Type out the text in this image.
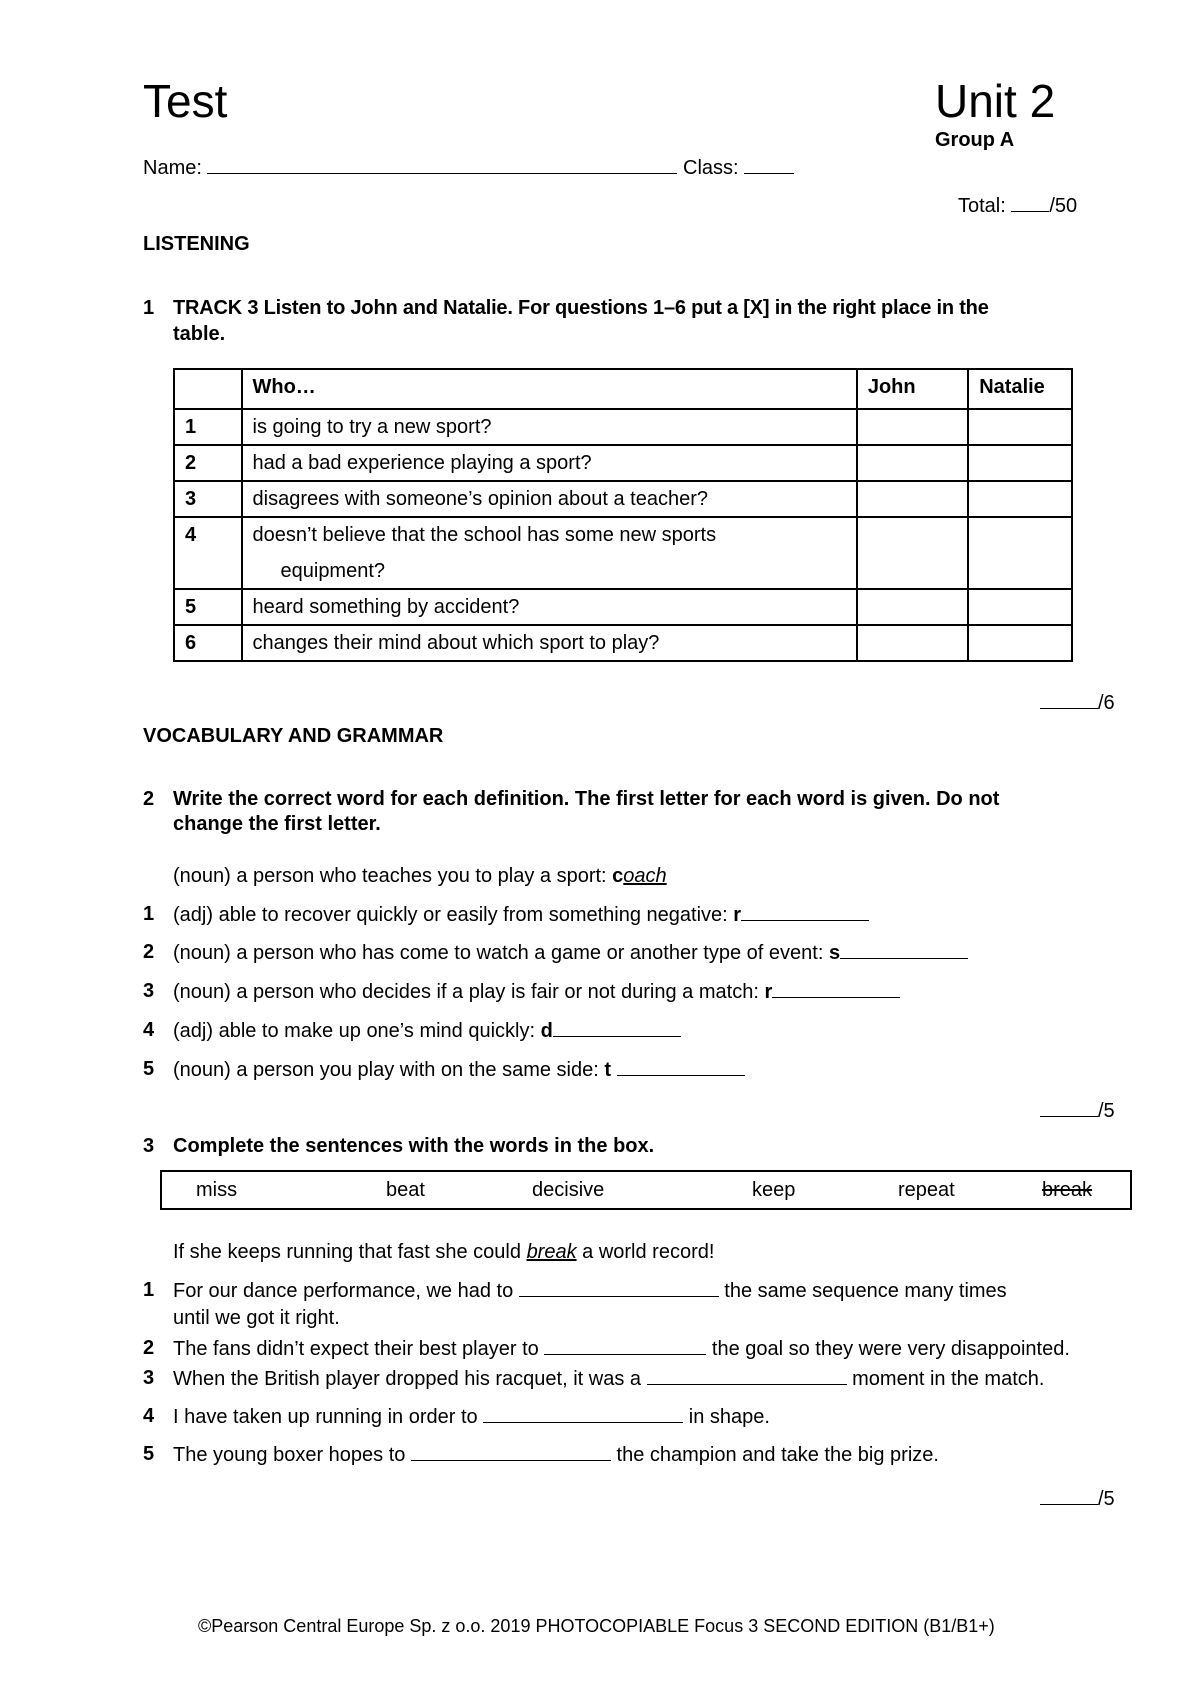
Test	Unit 2
Group A
Name:	Class:
Total: /50
LISTENING
1 TRACK 3 Listen to John and Natalie. For questions 1–6 put a [X] in the right place in the
table.
	Who…	John	Natalie
1	is going to try a new sport?		
2	had a bad experience playing a sport?		
3	disagrees with someone’s opinion about a teacher?		
4	doesn’t believe that the school has some new sports
equipment?		

5	heard something by accident?		
6	changes their mind about which sport to play?		
/6
VOCABULARY AND GRAMMAR
2 Write the correct word for each definition. The first letter for each word is given. Do not
change the first letter.
(noun) a person who teaches you to play a sport: coach
1 (adj) able to recover quickly or easily from something negative: r
2 (noun) a person who has come to watch a game or another type of event: s
3 (noun) a person who decides if a play is fair or not during a match: r
4 (adj) able to make up one’s mind quickly: d
5 (noun) a person you play with on the same side: t
/5
3 Complete the sentences with the words in the box.
miss	beat	decisive	keep	repeat	break
If she keeps running that fast she could break a world record!
1 For our dance performance, we had to	the same sequence many times
until we got it right.
2 The fans didn’t expect their best player to	the goal so they were very disappointed.
3 When the British player dropped his racquet, it was a	moment in the match.
4 I have taken up running in order to	in shape.
5 The young boxer hopes to	the champion and take the big prize.
/5
©Pearson Central Europe Sp. z o.o. 2019 PHOTOCOPIABLE Focus 3 SECOND EDITION (B1/B1+)
